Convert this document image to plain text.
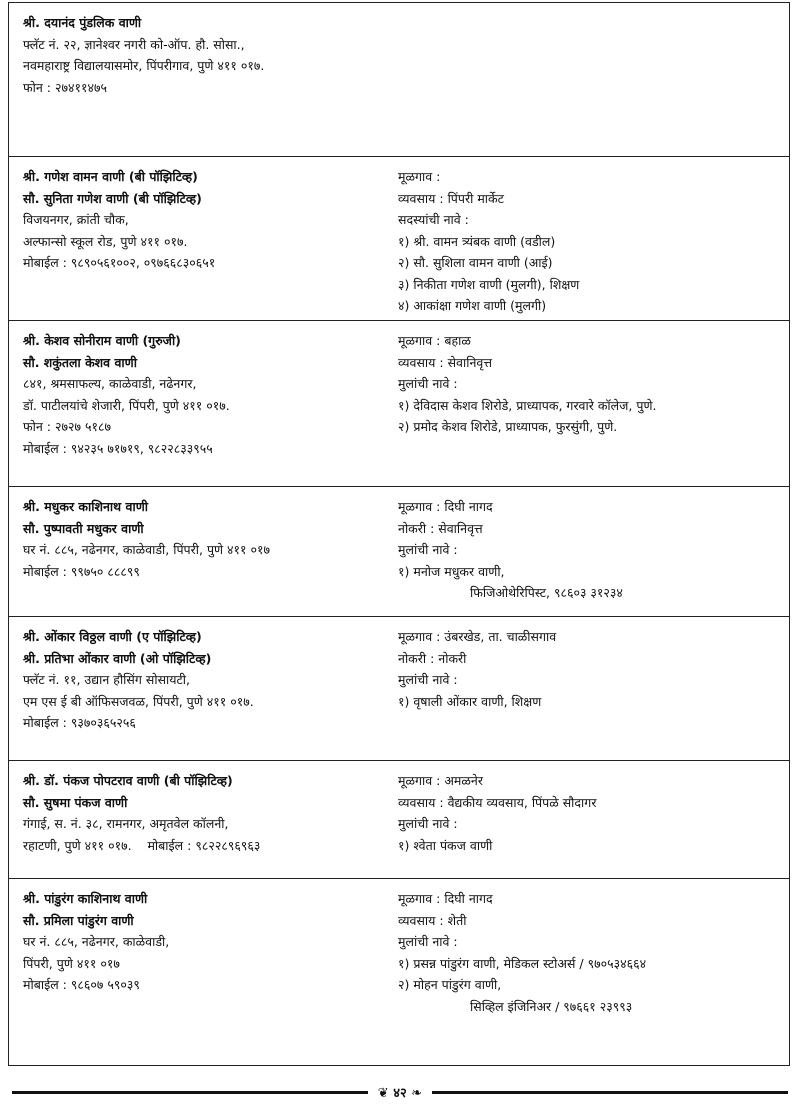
श्री. दयानंद पुंडलिक वाणी
फ्लॅट नं. २२, ज्ञानेश्वर नगरी को-ऑप. हौ. सोसा.,
नवमहाराष्ट्र विद्यालयासमोर, पिंपरीगाव, पुणे ४११ ०१७.
फोन : २७४११४७५
श्री. गणेश वामन वाणी (बी पॉझिटिव्ह)
सौ. सुनिता गणेश वाणी (बी पॉझिटिव्ह)
विजयनगर, क्रांती चौक,
अल्फान्सो स्कूल रोड, पुणे ४११ ०१७.
मोबाईल : ९८९०५६१००२, ०९७६६८३०६५१
मूळगाव :
व्यवसाय : पिंपरी मार्केट
सदस्यांची नावे :
१) श्री. वामन त्र्यंबक वाणी (वडील)
२) सौ. सुशिला वामन वाणी (आई)
३) निकीता गणेश वाणी (मुलगी), शिक्षण
४) आकांक्षा गणेश वाणी (मुलगी)
श्री. केशव सोनीराम वाणी (गुरुजी)
सौ. शकुंतला केशव वाणी
८४१, श्रमसाफल्य, काळेवाडी, नढेनगर,
डॉ. पाटीलयांचे शेजारी, पिंपरी, पुणे ४११ ०१७.
फोन : २७२७ ५१८७
मोबाईल : ९४२३५ ७१७१९, ९८२२८३३९५५
मूळगाव : बहाळ
व्यवसाय : सेवानिवृत्त
मुलांची नावे :
१) देविदास केशव शिरोडे, प्राध्यापक, गरवारे कॉलेज, पुणे.
२) प्रमोद केशव शिरोडे, प्राध्यापक, फुरसुंगी, पुणे.
श्री. मधुकर काशिनाथ वाणी
सौ. पुष्पावती मधुकर वाणी
घर नं. ८८५, नढेनगर, काळेवाडी, पिंपरी, पुणे ४११ ०१७
मोबाईल : ९९७५० ८८८९९
मूळगाव : दिघी नागद
नोकरी : सेवानिवृत्त
मुलांची नावे :
१) मनोज मधुकर वाणी,
फिजिओथेरिपिस्ट, ९८६०३ ३१२३४
श्री. ओंकार विठ्ठल वाणी (ए पॉझिटिव्ह)
श्री. प्रतिभा ओंकार वाणी (ओ पॉझिटिव्ह)
फ्लॅट नं. ११, उद्यान हौसिंग सोसायटी,
एम एस ई बी ऑफिसजवळ, पिंपरी, पुणे ४११ ०१७.
मोबाईल : ९३७०३६५२५६
मूळगाव : उंबरखेड, ता. चाळीसगाव
नोकरी : नोकरी
मुलांची नावे :
१) वृषाली ओंकार वाणी, शिक्षण
श्री. डॉ. पंकज पोपटराव वाणी (बी पॉझिटिव्ह)
सौ. सुषमा पंकज वाणी
गंगाई, स. नं. ३८, रामनगर, अमृतवेल कॉलनी,
रहाटणी, पुणे ४११ ०१७.    मोबाईल : ९८२२८९६९६३
मूळगाव : अमळनेर
व्यवसाय : वैद्यकीय व्यवसाय, पिंपळे सौदागर
मुलांची नावे :
१) श्वेता पंकज वाणी
श्री. पांडुरंग काशिनाथ वाणी
सौ. प्रमिला पांडुरंग वाणी
घर नं. ८८५, नढेनगर, काळेवाडी,
पिंपरी, पुणे ४११ ०१७
मोबाईल : ९८६०७ ५९०३९
मूळगाव : दिघी नागद
व्यवसाय : शेती
मुलांची नावे :
१) प्रसन्न पांडुरंग वाणी, मेडिकल स्टोअर्स / ९७०५३४६६४
२) मोहन पांडुरंग वाणी,
सिव्हिल इंजिनिअर / ९७६६१ २३९९३
❦ ४२ ❧
